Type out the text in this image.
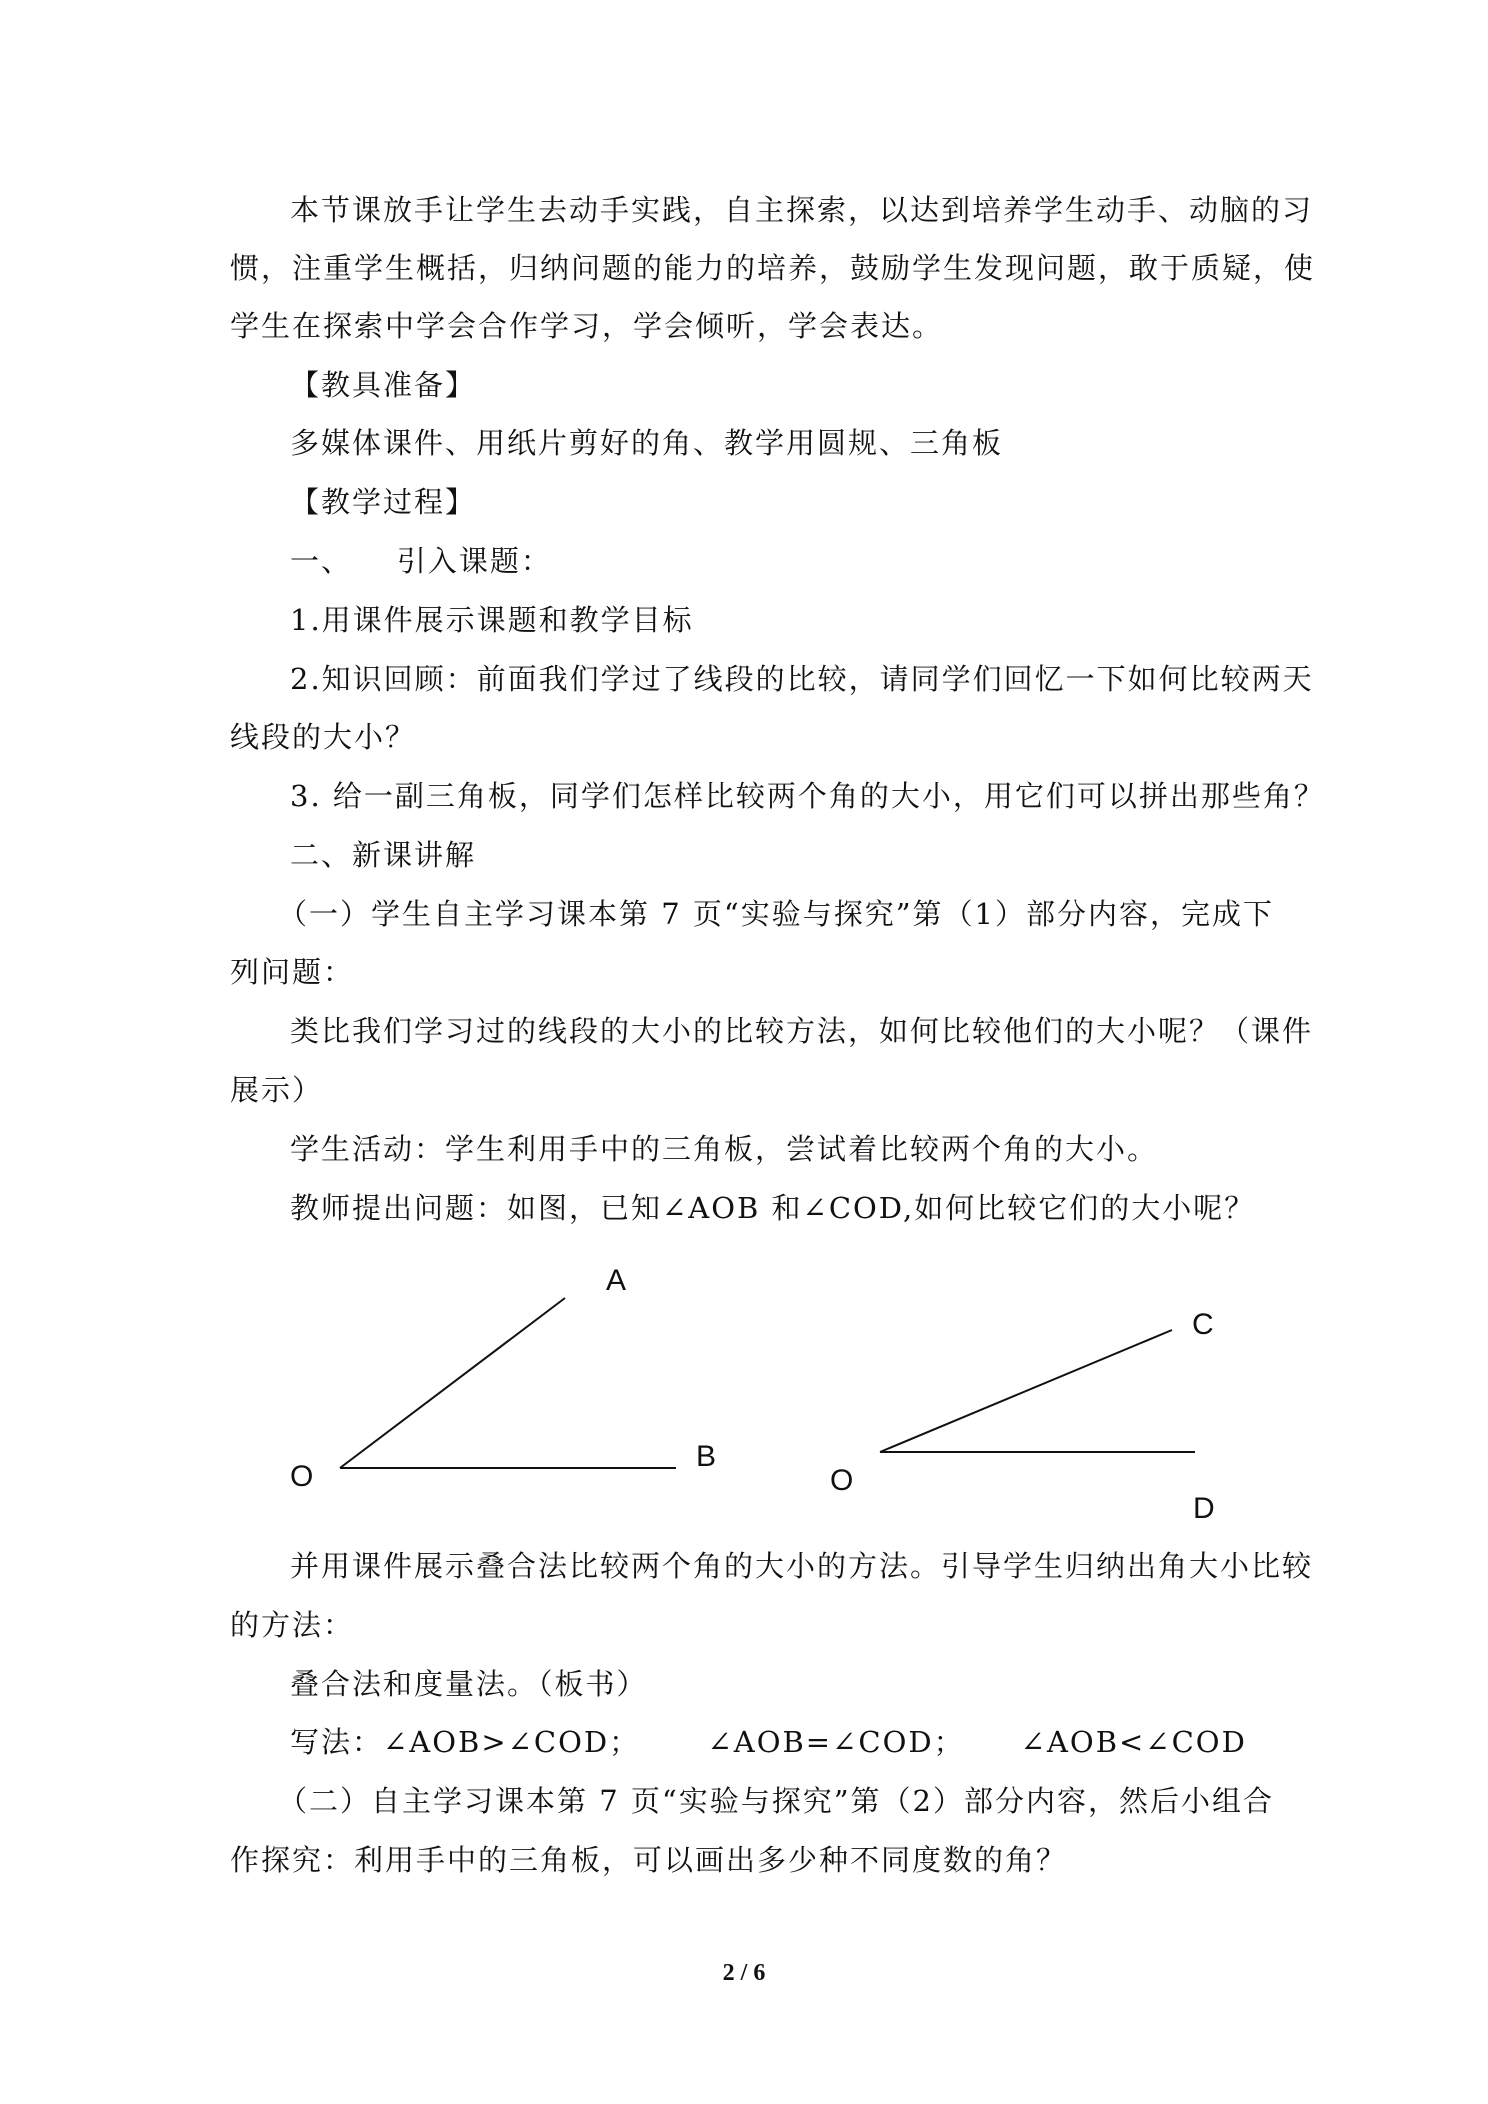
本节课放手让学生去动手实践，自主探索，以达到培养学生动手、动脑的习
惯，注重学生概括，归纳问题的能力的培养，鼓励学生发现问题，敢于质疑，使
学生在探索中学会合作学习，学会倾听，学会表达。
【教具准备】
多媒体课件、用纸片剪好的角、教学用圆规、三角板
【教学过程】
一、    引入课题：
1.用课件展示课题和教学目标
2.知识回顾：前面我们学过了线段的比较，请同学们回忆一下如何比较两天
线段的大小？
3. 给一副三角板，同学们怎样比较两个角的大小，用它们可以拼出那些角？
二、新课讲解
（一）学生自主学习课本第 7 页“实验与探究”第（1）部分内容，完成下
列问题：
类比我们学习过的线段的大小的比较方法，如何比较他们的大小呢？（课件
展示）
学生活动：学生利用手中的三角板，尝试着比较两个角的大小。
教师提出问题：如图，已知∠AOB 和∠COD,如何比较它们的大小呢？
A
B
O
C
D
O
并用课件展示叠合法比较两个角的大小的方法。引导学生归纳出角大小比较
的方法：
叠合法和度量法。（板书）
写法：∠AOB>∠COD；      ∠AOB=∠COD；     ∠AOB<∠COD
（二）自主学习课本第 7 页“实验与探究”第（2）部分内容，然后小组合
作探究：利用手中的三角板，可以画出多少种不同度数的角？
2 / 6
